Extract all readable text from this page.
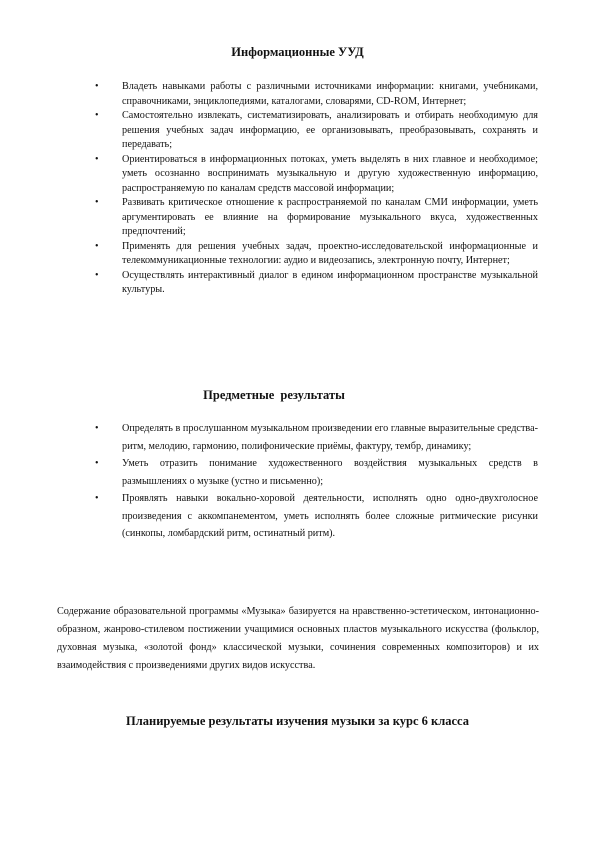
Информационные УУД
• Владеть навыками работы с различными источниками информации: книгами, учебниками, справочниками, энциклопедиями, каталогами, словарями, CD-ROM, Интернет;
• Самостоятельно извлекать, систематизировать, анализировать и отбирать необходимую для решения учебных задач информацию, ее организовывать, преобразовывать, сохранять и передавать;
• Ориентироваться в информационных потоках, уметь выделять в них главное и необходимое; уметь осознанно воспринимать музыкальную и другую художественную информацию, распространяемую по каналам средств массовой информации;
• Развивать критическое отношение к распространяемой по каналам СМИ информации, уметь аргументировать ее влияние на формирование музыкального вкуса, художественных предпочтений;
• Применять для решения учебных задач, проектно-исследовательской информационные и телекоммуникационные технологии: аудио и видеозапись, электронную почту, Интернет;
• Осуществлять интерактивный диалог в едином информационном пространстве музыкальной культуры.
Предметные результаты
• Определять в прослушанном музыкальном произведении его главные выразительные средства-ритм, мелодию, гармонию, полифонические приёмы, фактуру, тембр, динамику;
• Уметь отразить понимание художественного воздействия музыкальных средств в размышлениях о музыке (устно и письменно);
• Проявлять навыки вокально-хоровой деятельности, исполнять одно одно-двухголосное произведения с аккомпанементом, уметь исполнять более сложные ритмические рисунки (синкопы, ломбардский ритм, остинатный ритм).

Содержание образовательной программы «Музыка» базируется на нравственно-эстетическом, интонационно-образном, жанрово-стилевом постижении учащимися основных пластов музыкального искусства (фольклор, духовная музыка, «золотой фонд» классической музыки, сочинения современных композиторов) и их взаимодействия с произведениями других видов искусства.

Планируемые результаты изучения музыки за курс 6 класса
